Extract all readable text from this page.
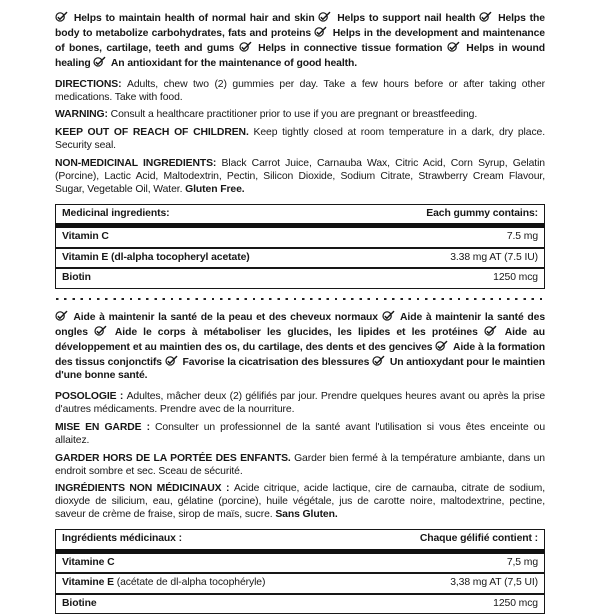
Helps to maintain health of normal hair and skin Helps to support nail health Helps the body to metabolize carbohydrates, fats and proteins Helps in the development and maintenance of bones, cartilage, teeth and gums Helps in connective tissue formation Helps in wound healing An antioxidant for the maintenance of good health.

DIRECTIONS: Adults, chew two (2) gummies per day. Take a few hours before or after taking other medications. Take with food.

WARNING: Consult a healthcare practitioner prior to use if you are pregnant or breastfeeding.

KEEP OUT OF REACH OF CHILDREN. Keep tightly closed at room temperature in a dark, dry place. Security seal.

NON-MEDICINAL INGREDIENTS: Black Carrot Juice, Carnauba Wax, Citric Acid, Corn Syrup, Gelatin (Porcine), Lactic Acid, Maltodextrin, Pectin, Silicon Dioxide, Sodium Citrate, Strawberry Cream Flavour, Sugar, Vegetable Oil, Water. Gluten Free.

Medicinal ingredients:	Each gummy contains:
Vitamin C	7.5 mg
Vitamin E (dl-alpha tocopheryl acetate)	3.38 mg AT (7.5 IU)
Biotin	1250 mcg

Aide à maintenir la santé de la peau et des cheveux normaux Aide à maintenir la santé des ongles	Aide le corps à métaboliser les glucides, les lipides et les protéines	Aide au développement et au maintien des os, du cartilage, des dents et des gencives Aide à la formation des tissus conjonctifs Favorise la cicatrisation des blessures Un antioxydant pour le maintien d'une bonne santé.

POSOLOGIE : Adultes, mâcher deux (2) gélifiés par jour. Prendre quelques heures avant ou après la prise d'autres médicaments. Prendre avec de la nourriture.

MISE EN GARDE : Consulter un professionnel de la santé avant l'utilisation si vous êtes enceinte ou allaitez.

GARDER HORS DE LA PORTÉE DES ENFANTS. Garder bien fermé à la température ambiante, dans un endroit sombre et sec. Sceau de sécurité.

INGRÉDIENTS NON MÉDICINAUX : Acide citrique, acide lactique, cire de carnauba, citrate de sodium, dioxyde de silicium, eau, gélatine (porcine), huile végétale, jus de carotte noire, maltodextrine, pectine, saveur de crème de fraise, sirop de maïs, sucre. Sans Gluten.

Ingrédients médicinaux :	Chaque gélifié contient :
Vitamine C	7,5 mg
Vitamine E (acétate de dl-alpha tocophéryle)	3,38 mg AT (7,5 UI)
Biotine	1250 mcg
